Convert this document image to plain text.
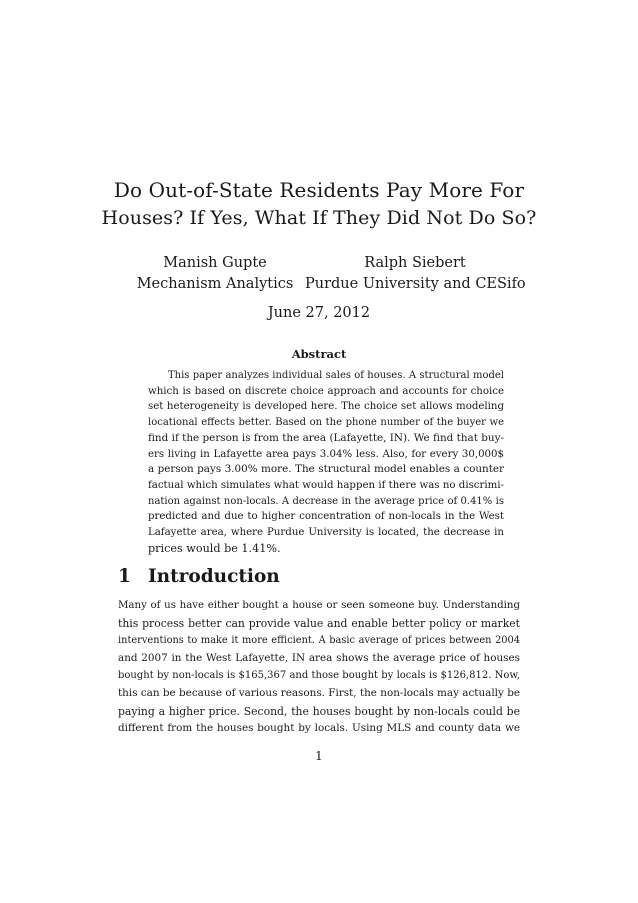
Do Out-of-State Residents Pay More For
Houses? If Yes, What If They Did Not Do So?
Manish Gupte
Mechanism Analytics
Ralph Siebert
Purdue University and CESifo
June 27, 2012
Abstract
This paper analyzes individual sales of houses. A structural model
which is based on discrete choice approach and accounts for choice
set heterogeneity is developed here. The choice set allows modeling
locational effects better. Based on the phone number of the buyer we
find if the person is from the area (Lafayette, IN). We find that buy-
ers living in Lafayette area pays 3.04% less. Also, for every 30,000$
a person pays 3.00% more. The structural model enables a counter
factual which simulates what would happen if there was no discrimi-
nation against non-locals. A decrease in the average price of 0.41% is
predicted and due to higher concentration of non-locals in the West
Lafayette area, where Purdue University is located, the decrease in
prices would be 1.41%.
1 Introduction
Many of us have either bought a house or seen someone buy. Understanding
this process better can provide value and enable better policy or market
interventions to make it more efficient. A basic average of prices between 2004
and 2007 in the West Lafayette, IN area shows the average price of houses
bought by non-locals is $165,367 and those bought by locals is $126,812. Now,
this can be because of various reasons. First, the non-locals may actually be
paying a higher price. Second, the houses bought by non-locals could be
different from the houses bought by locals. Using MLS and county data we
1
